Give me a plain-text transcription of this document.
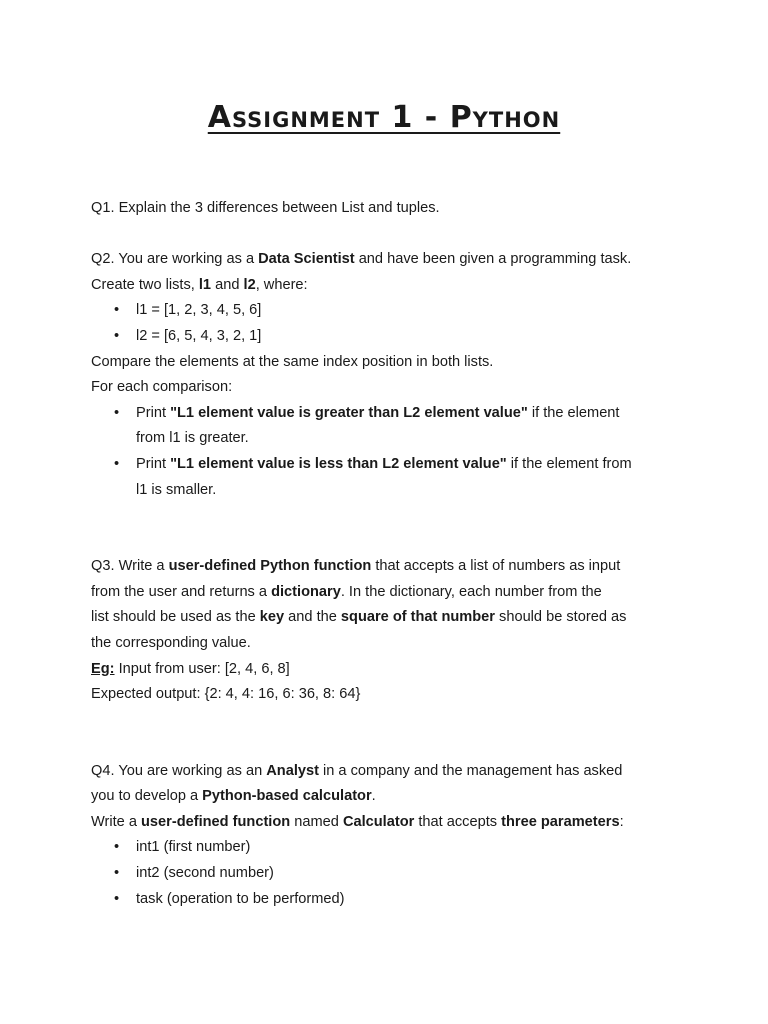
Assignment 1 - Python
Q1. Explain the 3 differences between List and tuples.
Q2. You are working as a Data Scientist and have been given a programming task.
Create two lists, l1 and l2, where:
• l1 = [1, 2, 3, 4, 5, 6]
• l2 = [6, 5, 4, 3, 2, 1]
Compare the elements at the same index position in both lists.
For each comparison:
• Print "L1 element value is greater than L2 element value" if the element
from l1 is greater.
• Print "L1 element value is less than L2 element value" if the element from
l1 is smaller.
Q3. Write a user-defined Python function that accepts a list of numbers as input
from the user and returns a dictionary. In the dictionary, each number from the
list should be used as the key and the square of that number should be stored as
the corresponding value.
Eg: Input from user: [2, 4, 6, 8]
Expected output: {2: 4, 4: 16, 6: 36, 8: 64}
Q4. You are working as an Analyst in a company and the management has asked
you to develop a Python-based calculator.
Write a user-defined function named Calculator that accepts three parameters:
• int1 (first number)
• int2 (second number)
• task (operation to be performed)
